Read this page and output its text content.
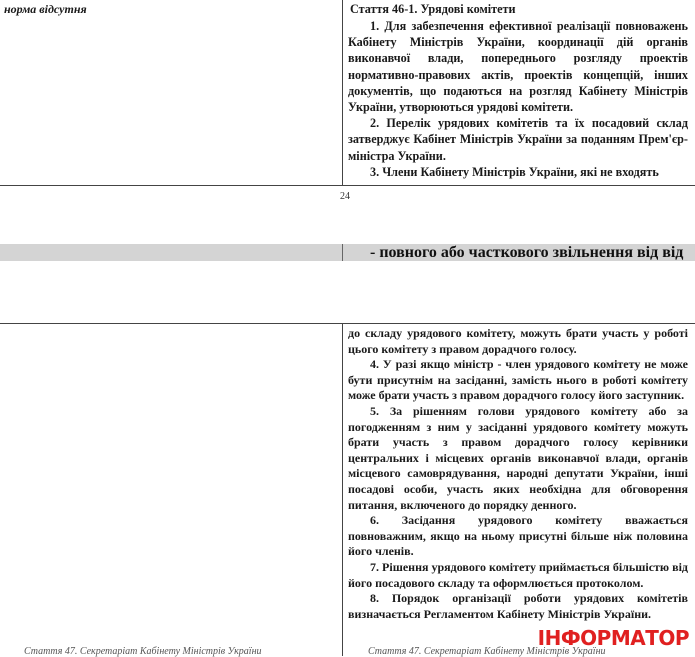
норма відсутня	Стаття 46-1. Урядові комітети

1. Для забезпечення ефективної реалізації повноважень Кабінету Міністрів України, координації дій органів виконавчої влади, попереднього розгляду проектів нормативно-правових актів, проектів концепцій, інших документів, що подаються на розгляд Кабінету Міністрів України, утворюються урядові комітети.

2. Перелік урядових комітетів та їх посадовий склад затверджує Кабінет Міністрів України за поданням Прем'єр-міністра України.

3. Члени Кабінету Міністрів України, які не входять

24
- повного або часткового звільнення від від

до складу урядового комітету, можуть брати участь у роботі цього комітету з правом дорадчого голосу.

4. У разі якщо міністр - член урядового комітету не може бути присутнім на засіданні, замість нього в роботі комітету може брати участь з правом дорадчого голосу його заступник.

5. За рішенням голови урядового комітету або за погодженням з ним у засіданні урядового комітету можуть брати участь з правом дорадчого голосу керівники центральних і місцевих органів виконавчої влади, органів місцевого самоврядування, народні депутати України, інші посадові особи, участь яких необхідна для обговорення питання, включеного до порядку денного.

6. Засідання урядового комітету вважається повноважним, якщо на ньому присутні більше ніж половина його членів.

7. Рішення урядового комітету приймається більшістю від його посадового складу та оформлюється протоколом.

8. Порядок організації роботи урядових комітетів визначається Регламентом Кабінету Міністрів України.

Стаття 47. Секретаріат Кабінету Міністрів України	Стаття 47. Секретаріат Кабінету Міністрів України
ІНФОРМАТОР
